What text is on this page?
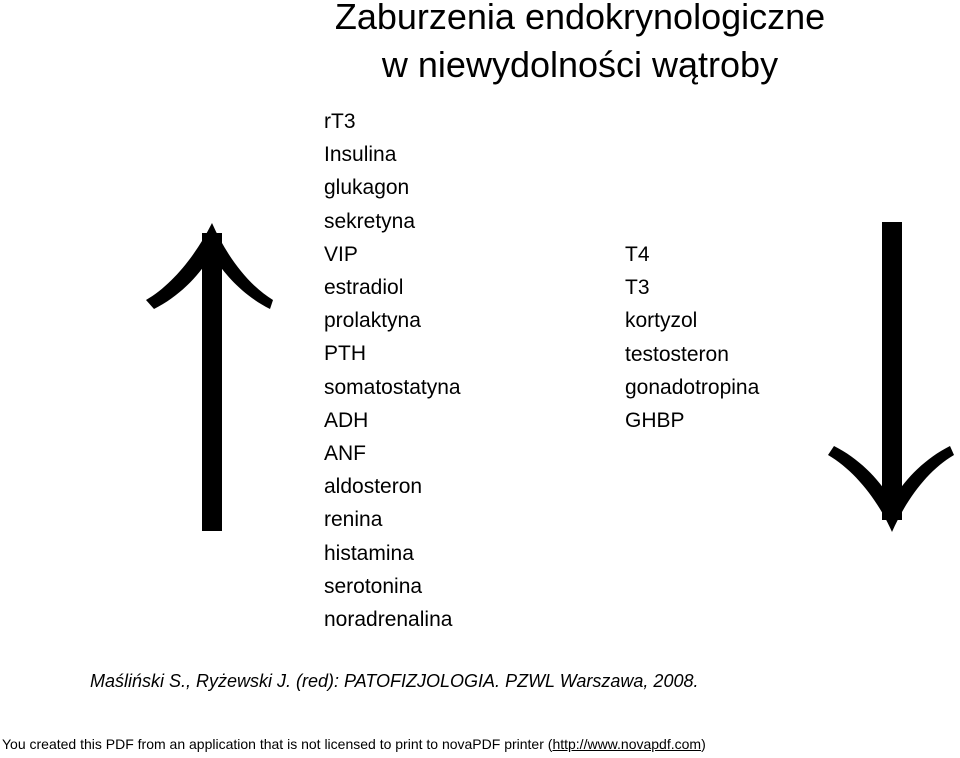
Zaburzenia endokrynologiczne
w niewydolności wątroby
rT3
Insulina
glukagon
sekretyna
VIP
estradiol
prolaktyna
PTH
somatostatyna
ADH
ANF
aldosteron
renina
histamina
serotonina
noradrenalina
T4
T3
kortyzol
testosteron
gonadotropina
GHBP
Maśliński S., Ryżewski J. (red): PATOFIZJOLOGIA. PZWL Warszawa, 2008.
You created this PDF from an application that is not licensed to print to novaPDF printer (http://www.novapdf.com)
